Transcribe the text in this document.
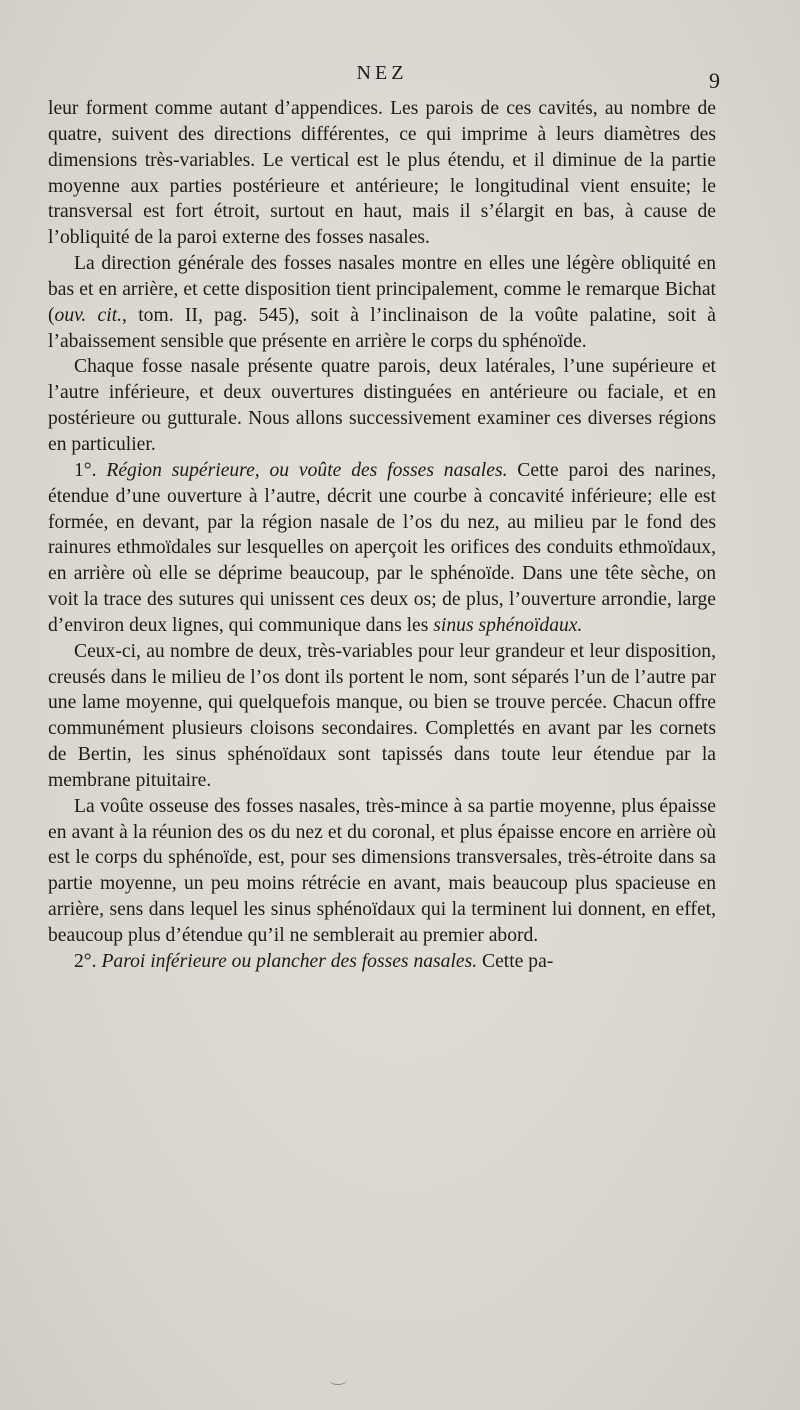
NEZ	9

leur forment comme autant d’appendices. Les parois de ces cavités, au nombre de quatre, suivent des directions différentes, ce qui imprime à leurs diamètres des dimensions très-variables. Le vertical est le plus étendu, et il diminue de la partie moyenne aux parties postérieure et antérieure; le longitudinal vient ensuite; le transversal est fort étroit, surtout en haut, mais il s’élargit en bas, à cause de l’obliquité de la paroi externe des fosses nasales.

La direction générale des fosses nasales montre en elles une légère obliquité en bas et en arrière, et cette disposition tient principalement, comme le remarque Bichat (ouv. cit., tom. II, pag. 545), soit à l’inclinaison de la voûte palatine, soit à l’abaissement sensible que présente en arrière le corps du sphénoïde.

Chaque fosse nasale présente quatre parois, deux latérales, l’une supérieure et l’autre inférieure, et deux ouvertures distinguées en antérieure ou faciale, et en postérieure ou gutturale. Nous allons successivement examiner ces diverses régions en particulier.

1°. Région supérieure, ou voûte des fosses nasales. Cette paroi des narines, étendue d’une ouverture à l’autre, décrit une courbe à concavité inférieure; elle est formée, en devant, par la région nasale de l’os du nez, au milieu par le fond des rainures ethmoïdales sur lesquelles on aperçoit les orifices des conduits ethmoïdaux, en arrière où elle se déprime beaucoup, par le sphénoïde. Dans une tête sèche, on voit la trace des sutures qui unissent ces deux os; de plus, l’ouverture arrondie, large d’environ deux lignes, qui communique dans les sinus sphénoïdaux.

Ceux-ci, au nombre de deux, très-variables pour leur grandeur et leur disposition, creusés dans le milieu de l’os dont ils portent le nom, sont séparés l’un de l’autre par une lame moyenne, qui quelquefois manque, ou bien se trouve percée. Chacun offre communément plusieurs cloisons secondaires. Complettés en avant par les cornets de Bertin, les sinus sphénoïdaux sont tapissés dans toute leur étendue par la membrane pituitaire.

La voûte osseuse des fosses nasales, très-mince à sa partie moyenne, plus épaisse en avant à la réunion des os du nez et du coronal, et plus épaisse encore en arrière où est le corps du sphénoïde, est, pour ses dimensions transversales, très-étroite dans sa partie moyenne, un peu moins rétrécie en avant, mais beaucoup plus spacieuse en arrière, sens dans lequel les sinus sphénoïdaux qui la terminent lui donnent, en effet, beaucoup plus d’étendue qu’il ne semblerait au premier abord.

2°. Paroi inférieure ou plancher des fosses nasales. Cette pa-
